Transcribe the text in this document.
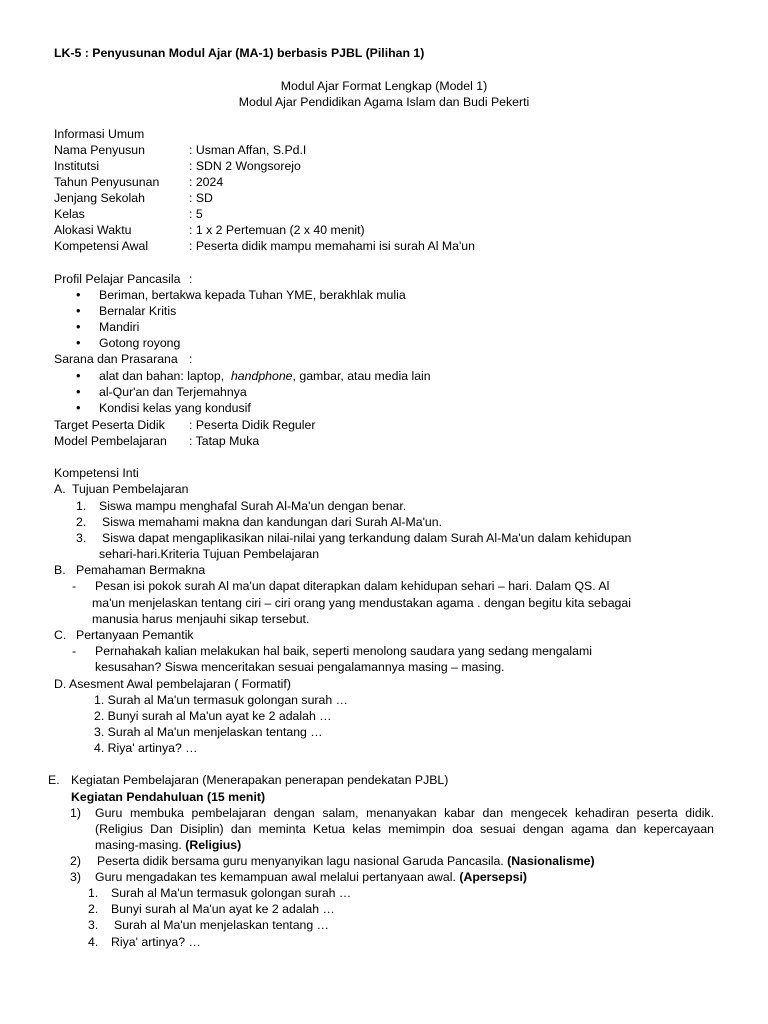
LK-5 : Penyusunan Modul Ajar (MA-1) berbasis PJBL (Pilihan 1)
Modul Ajar Format Lengkap (Model 1)
Modul Ajar Pendidikan Agama Islam dan Budi Pekerti
Informasi Umum
Nama Penyusun	: Usman Affan, S.Pd.I
Institutsi	: SDN 2 Wongsorejo
Tahun Penyusunan : 2024
Jenjang Sekolah	: SD
Kelas	: 5
Alokasi Waktu	: 1 x 2 Pertemuan (2 x 40 menit)
Kompetensi Awal	: Peserta didik mampu memahami isi surah Al Ma'un
Profil Pelajar Pancasila :
• Beriman, bertakwa kepada Tuhan YME, berakhlak mulia
• Bernalar Kritis
• Mandiri
• Gotong royong
Sarana dan Prasarana :
• alat dan bahan: laptop, handphone, gambar, atau media lain
• al-Qur'an dan Terjemahnya
• Kondisi kelas yang kondusif
Target Peserta Didik : Peserta Didik Reguler
Model Pembelajaran : Tatap Muka
Kompetensi Inti
A. Tujuan Pembelajaran
1. Siswa mampu menghafal Surah Al-Ma'un dengan benar.
2. Siswa memahami makna dan kandungan dari Surah Al-Ma'un.
3. Siswa dapat mengaplikasikan nilai-nilai yang terkandung dalam Surah Al-Ma'un dalam kehidupan
sehari-hari.Kriteria Tujuan Pembelajaran
B. Pemahaman Bermakna
- Pesan isi pokok surah Al ma'un dapat diterapkan dalam kehidupan sehari – hari. Dalam QS. Al
ma'un menjelaskan tentang ciri – ciri orang yang mendustakan agama . dengan begitu kita sebagai
manusia harus menjauhi sikap tersebut.
C. Pertanyaan Pemantik
- Pernahakah kalian melakukan hal baik, seperti menolong saudara yang sedang mengalami
kesusahan? Siswa menceritakan sesuai pengalamannya masing – masing.
D. Asesment Awal pembelajaran ( Formatif)
1. Surah al Ma'un termasuk golongan surah …
2. Bunyi surah al Ma'un ayat ke 2 adalah …
3. Surah al Ma'un menjelaskan tentang …
4. Riya' artinya? …
E. Kegiatan Pembelajaran (Menerapakan penerapan pendekatan PJBL)
Kegiatan Pendahuluan (15 menit)
1) Guru membuka pembelajaran dengan salam, menanyakan kabar dan mengecek kehadiran peserta didik.
(Religius Dan Disiplin) dan meminta Ketua kelas memimpin doa sesuai dengan agama dan kepercayaan
masing-masing. (Religius)
2) Peserta didik bersama guru menyanyikan lagu nasional Garuda Pancasila. (Nasionalisme)
3) Guru mengadakan tes kemampuan awal melalui pertanyaan awal. (Apersepsi)
1. Surah al Ma'un termasuk golongan surah …
2. Bunyi surah al Ma'un ayat ke 2 adalah …
3. Surah al Ma'un menjelaskan tentang …
4. Riya' artinya? …
